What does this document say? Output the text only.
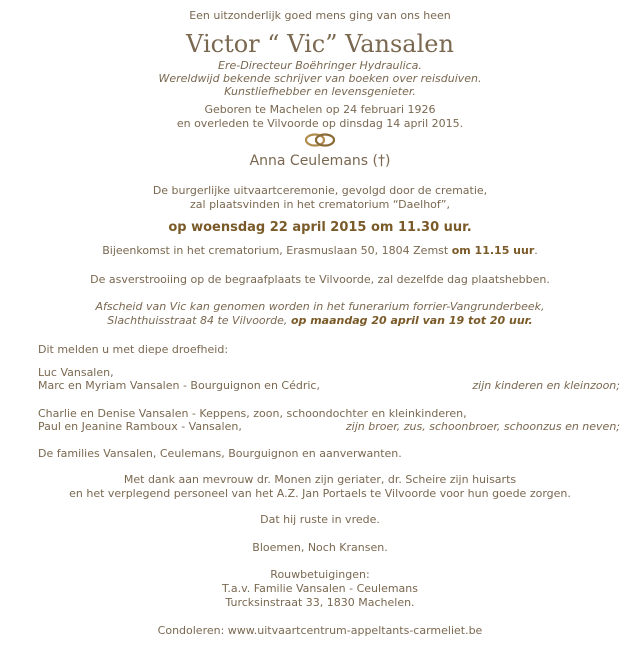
Een uitzonderlijk goed mens ging van ons heen
Victor “ Vic” Vansalen
Ere-Directeur Boëhringer Hydraulica.
Wereldwijd bekende schrijver van boeken over reisduiven.
Kunstliefhebber en levensgenieter.
Geboren te Machelen op 24 februari 1926
en overleden te Vilvoorde op dinsdag 14 april 2015.
Anna Ceulemans (†)
De burgerlijke uitvaartceremonie, gevolgd door de crematie,
zal plaatsvinden in het crematorium “Daelhof”,
op woensdag 22 april 2015 om 11.30 uur.
Bijeenkomst in het crematorium, Erasmuslaan 50, 1804 Zemst om 11.15 uur.
De asverstrooiing op de begraafplaats te Vilvoorde, zal dezelfde dag plaatshebben.
Afscheid van Vic kan genomen worden in het funerarium forrier-Vangrunderbeek,
Slachthuisstraat 84 te Vilvoorde, op maandag 20 april van 19 tot 20 uur.
Dit melden u met diepe droefheid:
Luc Vansalen,
Marc en Myriam Vansalen - Bourguignon en Cédric,	zijn kinderen en kleinzoon;
Charlie en Denise Vansalen - Keppens, zoon, schoondochter en kleinkinderen,
Paul en Jeanine Ramboux - Vansalen,	zijn broer, zus, schoonbroer, schoonzus en neven;
De families Vansalen, Ceulemans, Bourguignon en aanverwanten.
Met dank aan mevrouw dr. Monen zijn geriater, dr. Scheire zijn huisarts
en het verplegend personeel van het A.Z. Jan Portaels te Vilvoorde voor hun goede zorgen.
Dat hij ruste in vrede.
Bloemen, Noch Kransen.
Rouwbetuigingen:
T.a.v. Familie Vansalen - Ceulemans
Turcksinstraat 33, 1830 Machelen.
Condoleren: www.uitvaartcentrum-appeltants-carmeliet.be
